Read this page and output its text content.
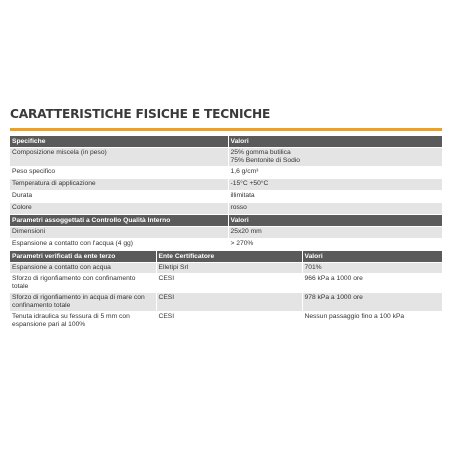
CARATTERISTICHE FISICHE E TECNICHE
Specifiche	Valori
Composizione miscela (in peso)	25% gomma butilica
75% Bentonite di Sodio

Peso specifico	1,6 g/cm³
Temperatura di applicazione	-15°C +50°C
Durata	illimitata
Colore	rosso
Parametri assoggettati a Controllo Qualità Interno	Valori
Dimensioni	25x20 mm
Espansione a contatto con l'acqua (4 gg)	> 270%
Parametri verificati da ente terzo	Ente Certificatore	Valori
Espansione a contatto con acqua	Elletipi Srl	701%
Sforzo di rigonfiamento con confinamento totale	CESI	966 kPa a 1000 ore
Sforzo di rigonfiamento in acqua di mare con confinamento totale	CESI	978 kPa a 1000 ore
Tenuta idraulica su fessura di 5 mm con espansione pari al 100%	CESI	Nessun passaggio fino a 100 kPa
